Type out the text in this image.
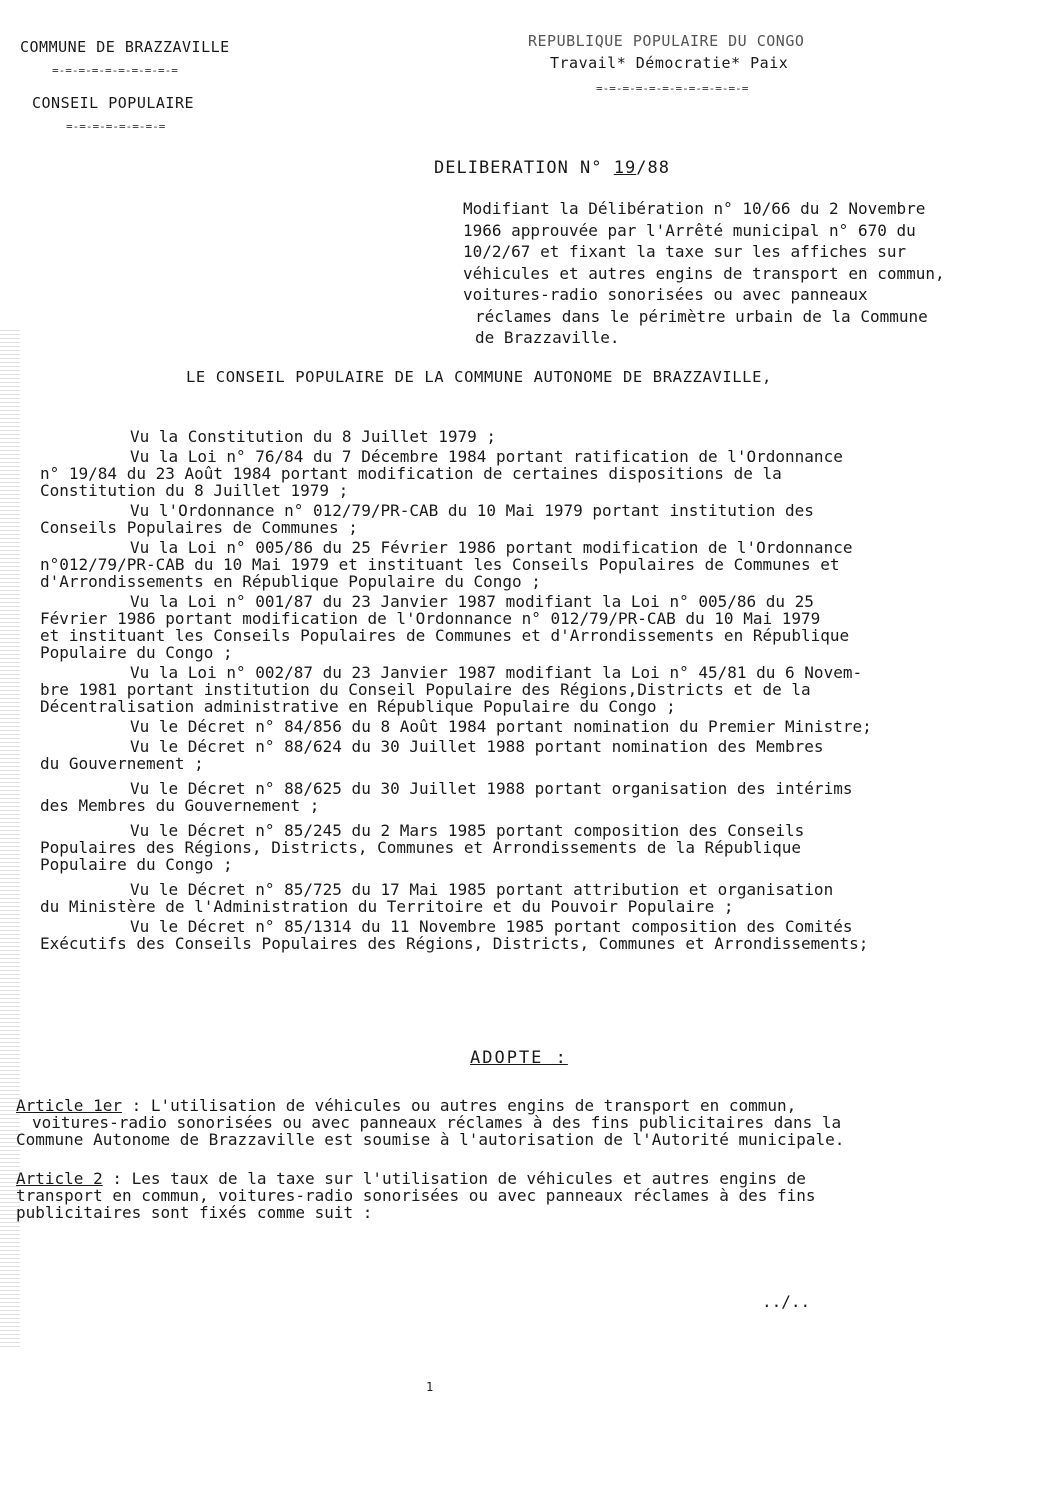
COMMUNE DE BRAZZAVILLE
=-=-=-=-=-=-=-=-=-=
CONSEIL POPULAIRE
=-=-=-=-=-=-=-=
REPUBLIQUE POPULAIRE DU CONGO
Travail* Démocratie* Paix
=-=-=-=-=-=-=-=-=-=-=-=
DELIBERATION N° 19/88
Modifiant la Délibération n° 10/66 du 2 Novembre
1966 approuvée par l'Arrêté municipal n° 670 du
10/2/67 et fixant la taxe sur les affiches sur
véhicules et autres engins de transport en commun,
voitures-radio sonorisées ou avec panneaux
réclames dans le périmètre urbain de la Commune
de Brazzaville.
LE CONSEIL POPULAIRE DE LA COMMUNE AUTONOME DE BRAZZAVILLE,
Vu la Constitution du 8 Juillet 1979 ;
Vu la Loi n° 76/84 du 7 Décembre 1984 portant ratification de l'Ordonnance
n° 19/84 du 23 Août 1984 portant modification de certaines dispositions de la
Constitution du 8 Juillet 1979 ;
Vu l'Ordonnance n° 012/79/PR-CAB du 10 Mai 1979 portant institution des
Conseils Populaires de Communes ;
Vu la Loi n° 005/86 du 25 Février 1986 portant modification de l'Ordonnance
n°012/79/PR-CAB du 10 Mai 1979 et instituant les Conseils Populaires de Communes et
d'Arrondissements en République Populaire du Congo ;
Vu la Loi n° 001/87 du 23 Janvier 1987 modifiant la Loi n° 005/86 du 25
Février 1986 portant modification de l'Ordonnance n° 012/79/PR-CAB du 10 Mai 1979
et instituant les Conseils Populaires de Communes et d'Arrondissements en République
Populaire du Congo ;
Vu la Loi n° 002/87 du 23 Janvier 1987 modifiant la Loi n° 45/81 du 6 Novem-
bre 1981 portant institution du Conseil Populaire des Régions,Districts et de la
Décentralisation administrative en République Populaire du Congo ;
Vu le Décret n° 84/856 du 8 Août 1984 portant nomination du Premier Ministre;
Vu le Décret n° 88/624 du 30 Juillet 1988 portant nomination des Membres
du Gouvernement ;
Vu le Décret n° 88/625 du 30 Juillet 1988 portant organisation des intérims
des Membres du Gouvernement ;
Vu le Décret n° 85/245 du 2 Mars 1985 portant composition des Conseils
Populaires des Régions, Districts, Communes et Arrondissements de la République
Populaire du Congo ;
Vu le Décret n° 85/725 du 17 Mai 1985 portant attribution et organisation
du Ministère de l'Administration du Territoire et du Pouvoir Populaire ;
Vu le Décret n° 85/1314 du 11 Novembre 1985 portant composition des Comités
Exécutifs des Conseils Populaires des Régions, Districts, Communes et Arrondissements;
ADOPTE :
Article 1er : L'utilisation de véhicules ou autres engins de transport en commun,
voitures-radio sonorisées ou avec panneaux réclames à des fins publicitaires dans la
Commune Autonome de Brazzaville est soumise à l'autorisation de l'Autorité municipale.
Article 2 : Les taux de la taxe sur l'utilisation de véhicules et autres engins de
transport en commun, voitures-radio sonorisées ou avec panneaux réclames à des fins
publicitaires sont fixés comme suit :
../..
1
